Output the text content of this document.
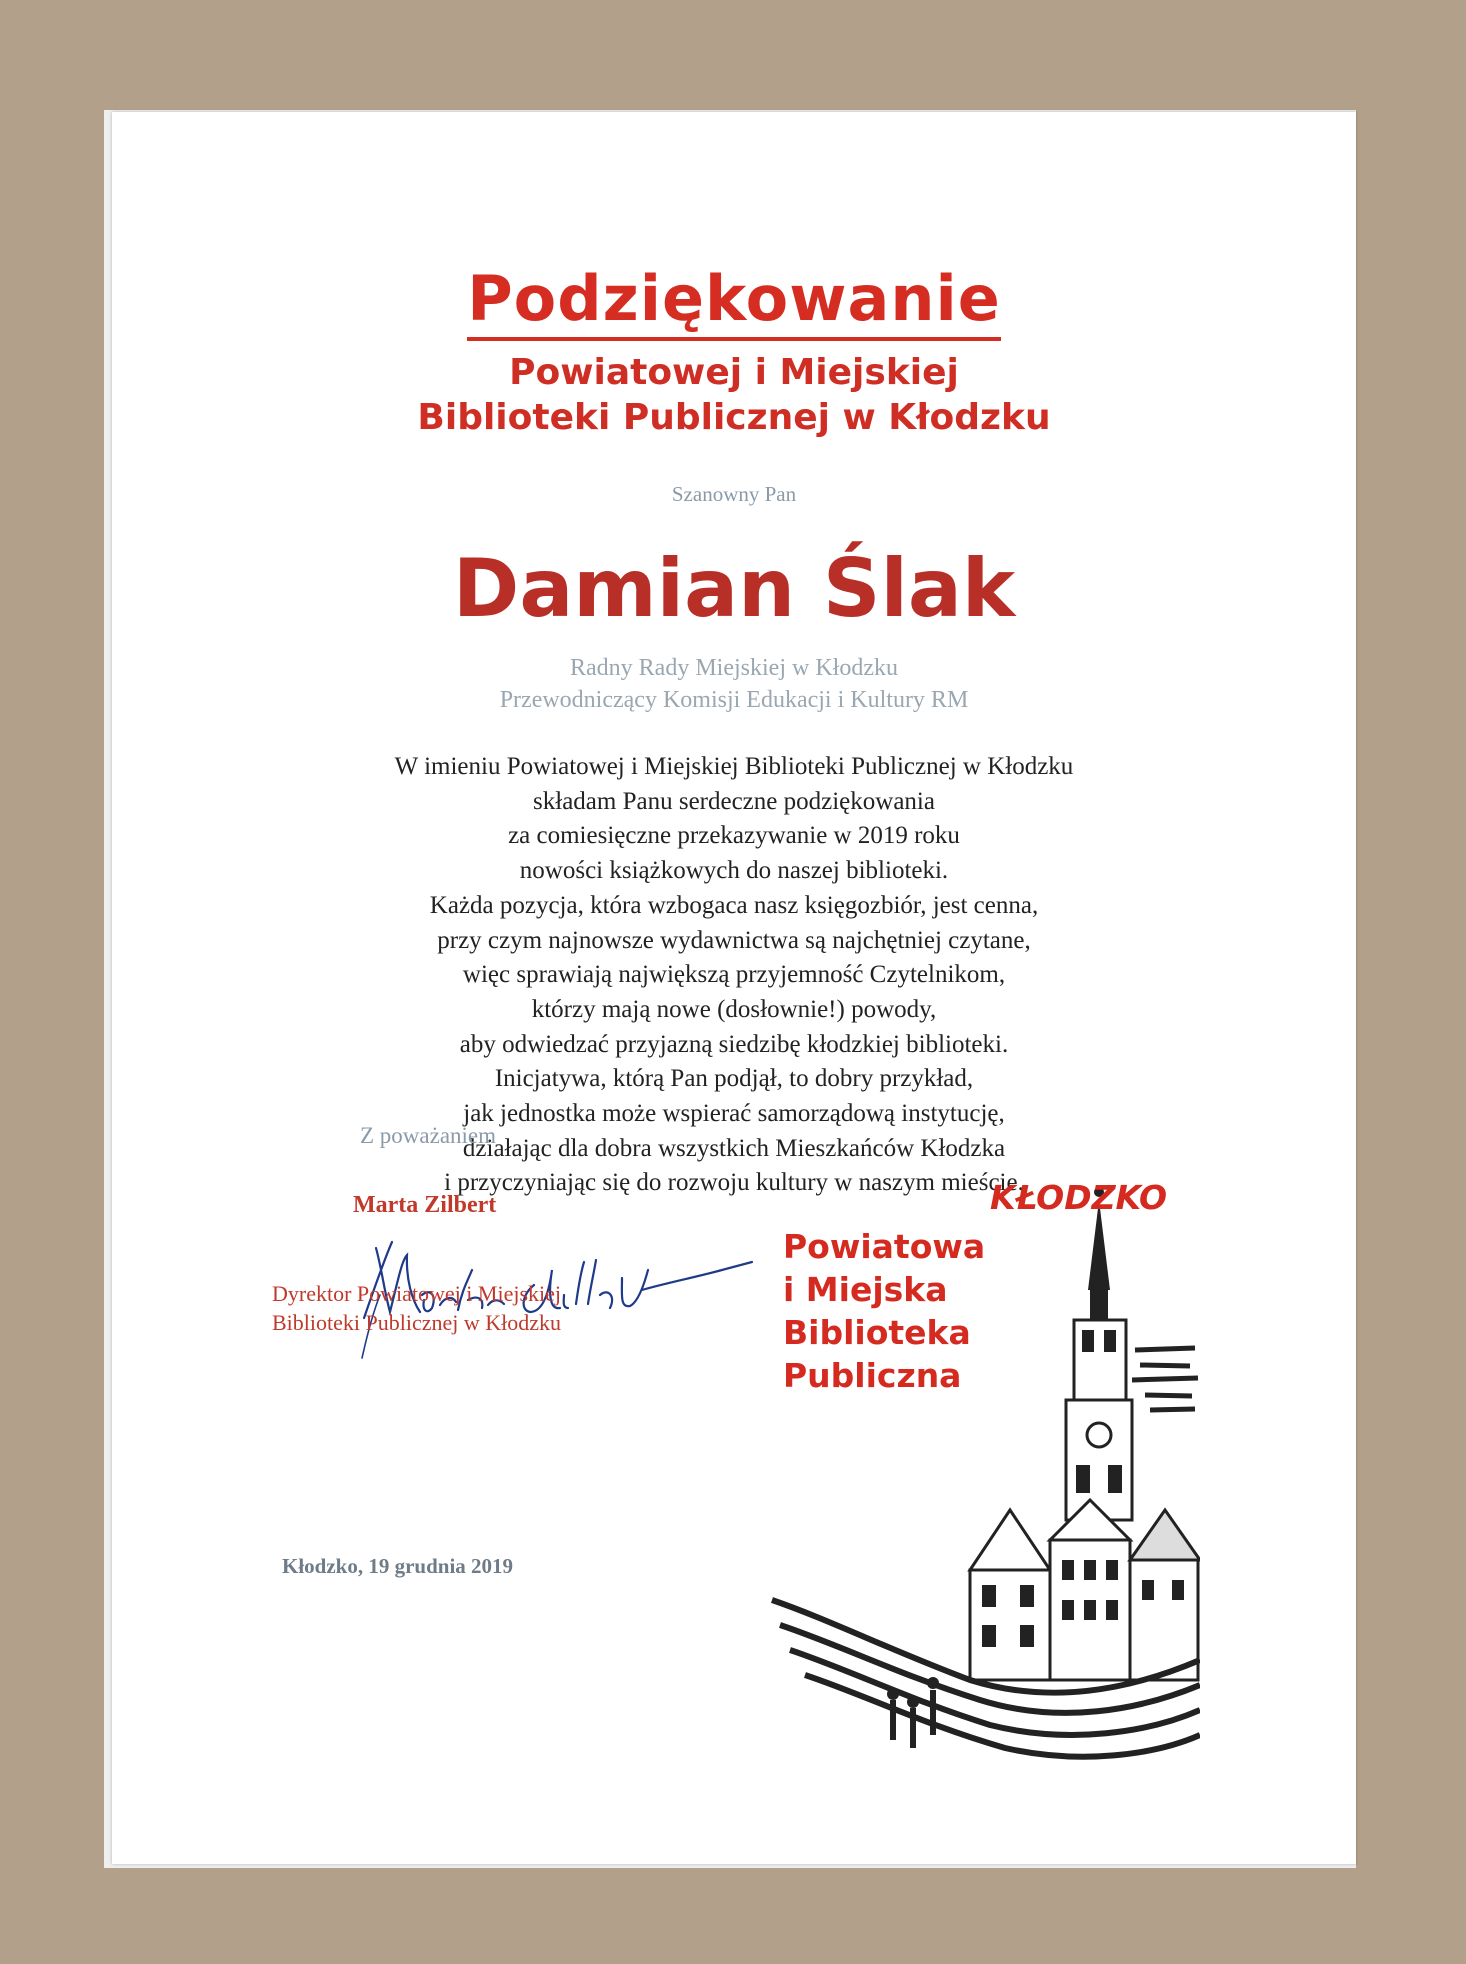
Podziękowanie
Powiatowej i Miejskiej
Biblioteki Publicznej w Kłodzku
Szanowny Pan
Damian Ślak
Radny Rady Miejskiej w Kłodzku
Przewodniczący Komisji Edukacji i Kultury RM
W imieniu Powiatowej i Miejskiej Biblioteki Publicznej w Kłodzku
składam Panu serdeczne podziękowania
za comiesięczne przekazywanie w 2019 roku
nowości książkowych do naszej biblioteki.
Każda pozycja, która wzbogaca nasz księgozbiór, jest cenna,
przy czym najnowsze wydawnictwa są najchętniej czytane,
więc sprawiają największą przyjemność Czytelnikom,
którzy mają nowe (dosłownie!) powody,
aby odwiedzać przyjazną siedzibę kłodzkiej biblioteki.
Inicjatywa, którą Pan podjął, to dobry przykład,
jak jednostka może wspierać samorządową instytucję,
działając dla dobra wszystkich Mieszkańców Kłodzka
i przyczyniając się do rozwoju kultury w naszym mieście.
Z poważaniem
Marta Zilbert
Dyrektor Powiatowej i Miejskiej
Biblioteki Publicznej w Kłodzku
Kłodzko, 19 grudnia 2019
KŁODZKO
Powiatowa
i Miejska
Biblioteka
Publiczna
